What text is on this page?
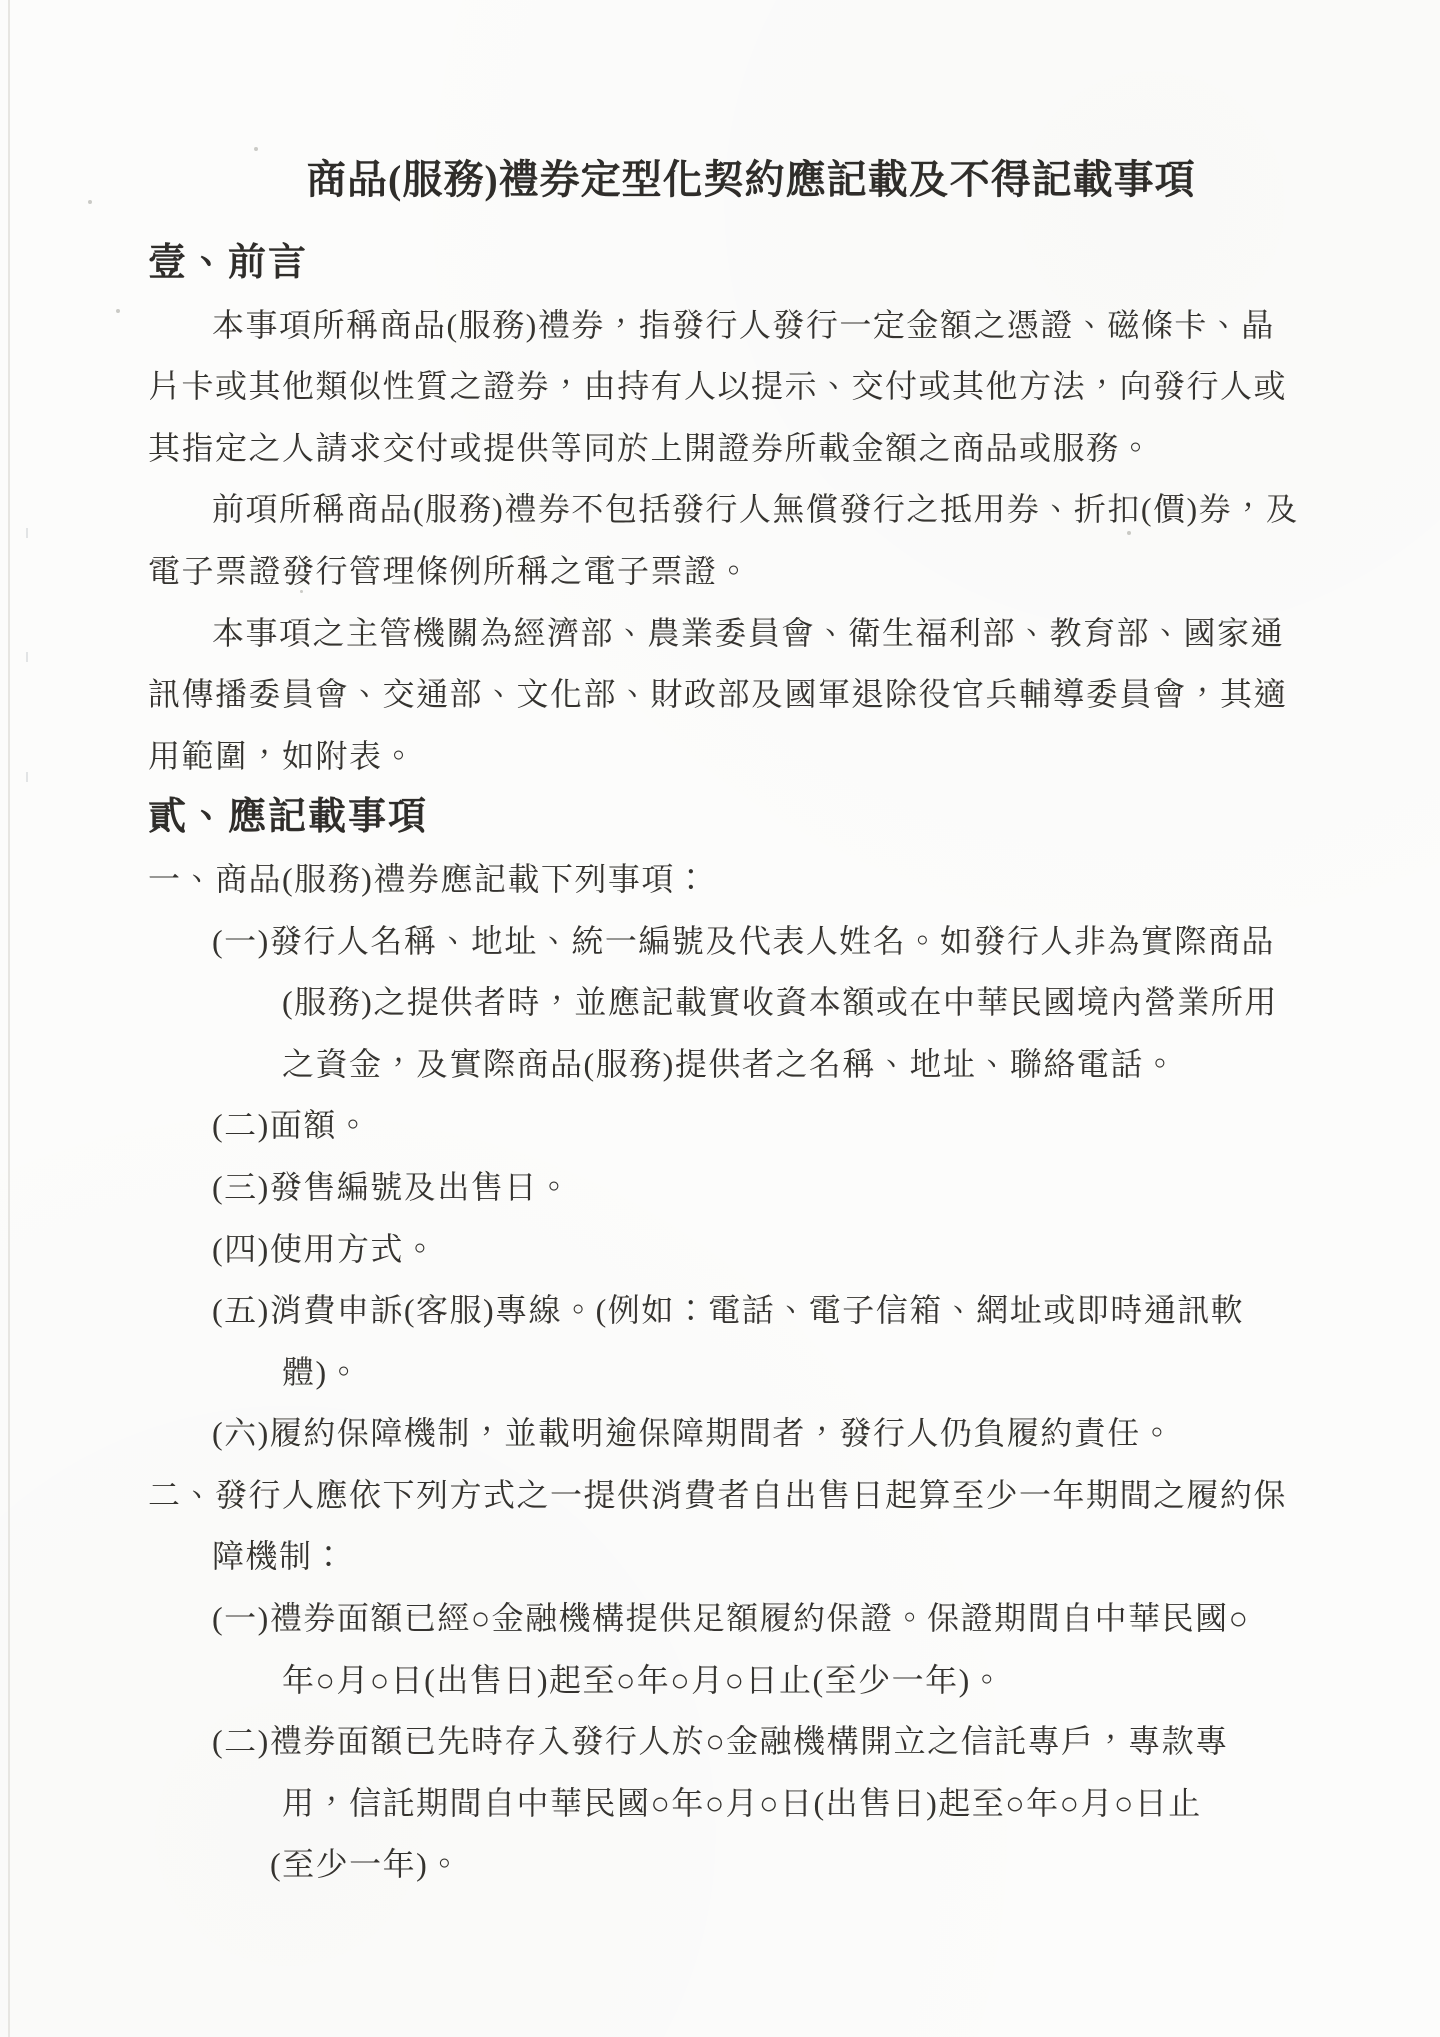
商品(服務)禮券定型化契約應記載及不得記載事項
壹、前言
本事項所稱商品(服務)禮券，指發行人發行一定金額之憑證、磁條卡、晶
片卡或其他類似性質之證券，由持有人以提示、交付或其他方法，向發行人或
其指定之人請求交付或提供等同於上開證券所載金額之商品或服務。
前項所稱商品(服務)禮券不包括發行人無償發行之抵用券、折扣(價)券，及
電子票證發行管理條例所稱之電子票證。
本事項之主管機關為經濟部、農業委員會、衛生福利部、教育部、國家通
訊傳播委員會、交通部、文化部、財政部及國軍退除役官兵輔導委員會，其適
用範圍，如附表。
貳、應記載事項
一、商品(服務)禮券應記載下列事項：
(一)發行人名稱、地址、統一編號及代表人姓名。如發行人非為實際商品
(服務)之提供者時，並應記載實收資本額或在中華民國境內營業所用
之資金，及實際商品(服務)提供者之名稱、地址、聯絡電話。
(二)面額。
(三)發售編號及出售日。
(四)使用方式。
(五)消費申訴(客服)專線。(例如：電話、電子信箱、網址或即時通訊軟
體)。
(六)履約保障機制，並載明逾保障期間者，發行人仍負履約責任。
二、發行人應依下列方式之一提供消費者自出售日起算至少一年期間之履約保
障機制：
(一)禮券面額已經○金融機構提供足額履約保證。保證期間自中華民國○
年○月○日(出售日)起至○年○月○日止(至少一年)。
(二)禮券面額已先時存入發行人於○金融機構開立之信託專戶，專款專
用，信託期間自中華民國○年○月○日(出售日)起至○年○月○日止
(至少一年)。
